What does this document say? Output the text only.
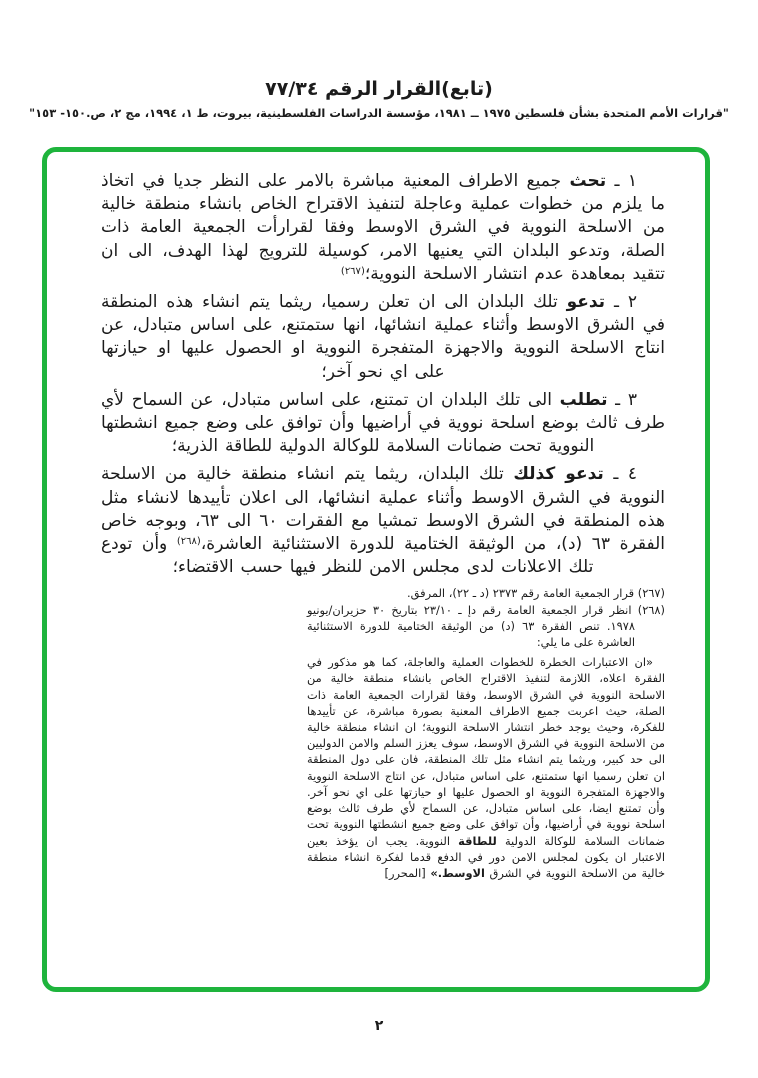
(تابع)القرار الرقم ٧٧/٣٤
"قرارات الأمم المتحدة بشأن فلسطين ١٩٧٥ ــ ١٩٨١، مؤسسة الدراسات الفلسطينية، بيروت، ط ١، ١٩٩٤، مج ٢، ص.١٥٠- ١٥٣"
١ ـ تحث جميع الاطراف المعنية مباشرة بالامر على النظر جديا في اتخاذ ما يلزم من خطوات عملية وعاجلة لتنفيذ الاقتراح الخاص بانشاء منطقة خالية من الاسلحة النووية في الشرق الاوسط وفقا لقرارأت الجمعية العامة ذات الصلة، وتدعو البلدان التي يعنيها الامر، كوسيلة للترويج لهذا الهدف، الى ان تتقيد بمعاهدة عدم انتشار الاسلحة النووية؛$^{(٢٦٧)}$
٢ ـ تدعو تلك البلدان الى ان تعلن رسميا، ريثما يتم انشاء هذه المنطقة في الشرق الاوسط وأثناء عملية انشائها، انها ستمتنع، على اساس متبادل، عن انتاج الاسلحة النووية والاجهزة المتفجرة النووية او الحصول عليها او حيازتها على اي نحو آخر؛
٣ ـ تطلب الى تلك البلدان ان تمتنع، على اساس متبادل، عن السماح لأي طرف ثالث بوضع اسلحة نووية في أراضيها وأن توافق على وضع جميع انشطتها النووية تحت ضمانات السلامة للوكالة الدولية للطاقة الذرية؛
٤ ـ تدعو كذلك تلك البلدان، ريثما يتم انشاء منطقة خالية من الاسلحة النووية في الشرق الاوسط وأثناء عملية انشائها، الى اعلان تأييدها لانشاء مثل هذه المنطقة في الشرق الاوسط تمشيا مع الفقرات ٦٠ الى ٦٣، وبوجه خاص الفقرة ٦٣ (د)، من الوثيقة الختامية للدورة الاستثنائية العاشرة،$^{(٢٦٨)}$ وأن تودع تلك الاعلانات لدى مجلس الامن للنظر فيها حسب الاقتضاء؛
(٢٦٧) قرار الجمعية العامة رقم ٢٣٧٣ (د ـ ٢٢)، المرفق.
(٢٦٨) انظر قرار الجمعية العامة رقم دإ ـ ٢٣/١٠ بتاريخ ٣٠ حزيران/يونيو ١٩٧٨. تنص الفقرة ٦٣ (د) من الوثيقة الختامية للدورة الاستثنائية العاشرة على ما يلي:
«ان الاعتبارات الخطرة للخطوات العملية والعاجلة، كما هو مذكور في الفقرة اعلاه، اللازمة لتنفيذ الاقتراح الخاص بانشاء منطقة خالية من الاسلحة النووية في الشرق الاوسط، وفقا لقرارات الجمعية العامة ذات الصلة، حيث اعربت جميع الاطراف المعنية بصورة مباشرة، عن تأييدها للفكرة، وحيث يوجد خطر انتشار الاسلحة النووية؛ ان انشاء منطقة خالية من الاسلحة النووية في الشرق الاوسط، سوف يعزز السلم والامن الدوليين الى حد كبير، وريثما يتم انشاء مثل تلك المنطقة، فان على دول المنطقة ان تعلن رسميا انها ستمتنع، على اساس متبادل، عن انتاج الاسلحة النووية والاجهزة المتفجرة النووية او الحصول عليها او حيازتها على اي نحو آخر. وأن تمتنع ايضا، على اساس متبادل، عن السماح لأي طرف ثالث بوضع اسلحة نووية في أراضيها، وأن توافق على وضع جميع انشطتها النووية تحت ضمانات السلامة للوكالة الدولية للطاقة النووية. يجب ان يؤخذ بعين الاعتبار ان يكون لمجلس الامن دور في الدفع قدما لفكرة انشاء منطقة خالية من الاسلحة النووية في الشرق الاوسط.» [المحرر]
٢
